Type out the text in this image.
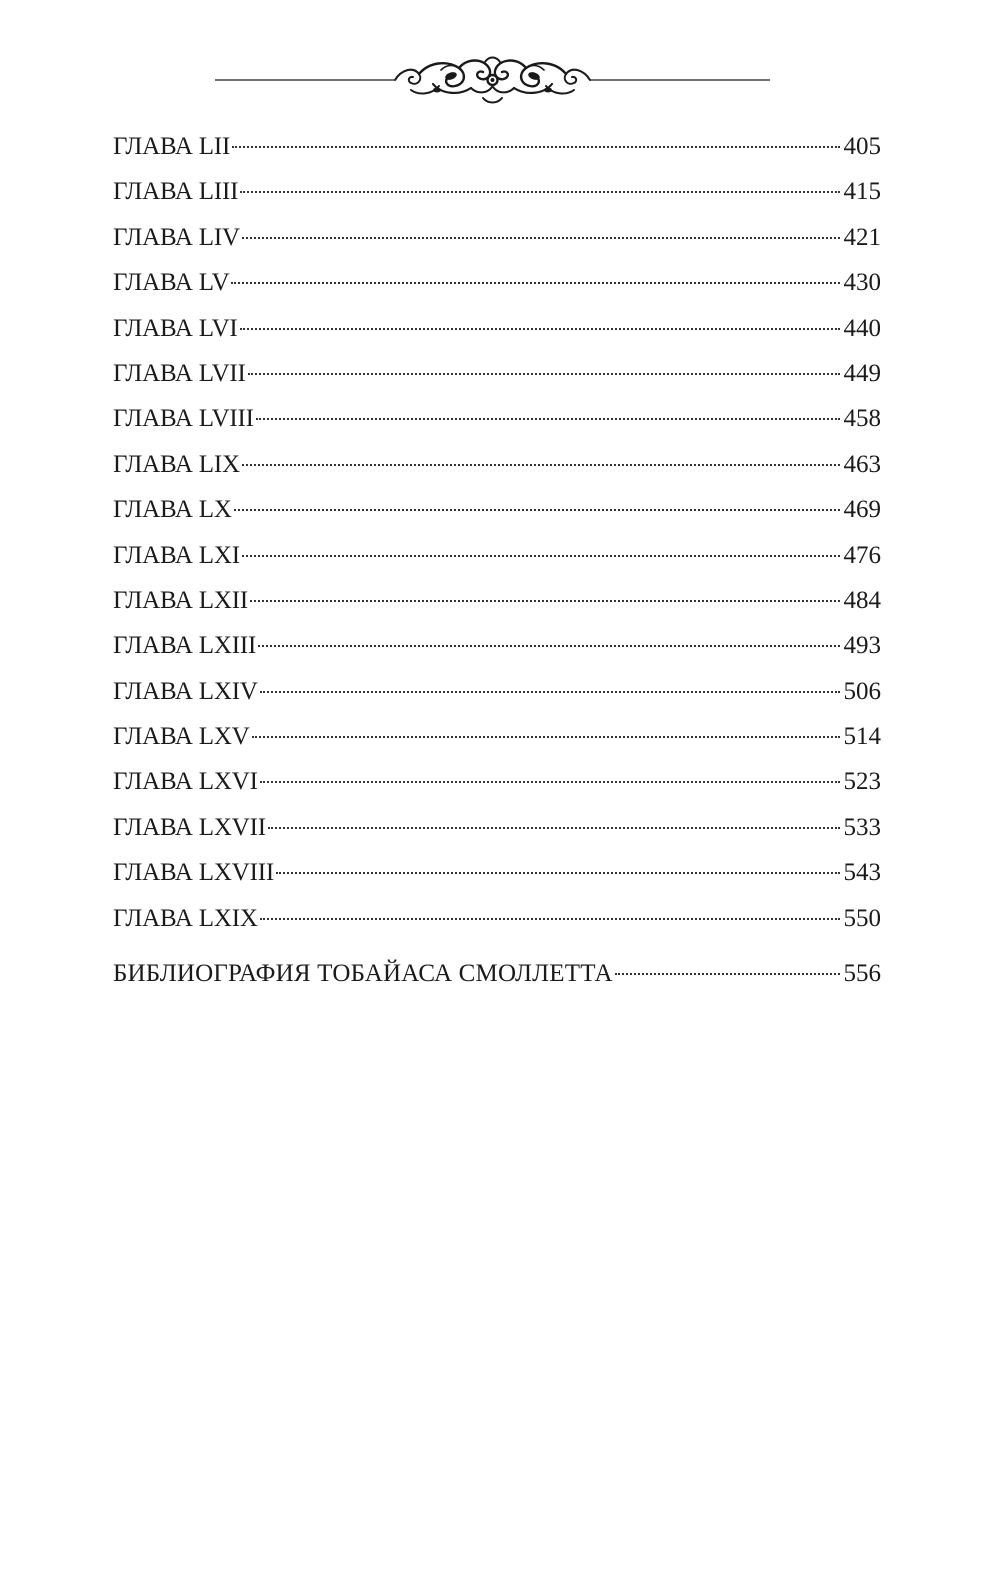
ГЛАВА LII	405
ГЛАВА LIII	415
ГЛАВА LIV	421
ГЛАВА LV	430
ГЛАВА LVI	440
ГЛАВА LVII	449
ГЛАВА LVIII	458
ГЛАВА LIX	463
ГЛАВА LX	469
ГЛАВА LXI	476
ГЛАВА LXII	484
ГЛАВА LXIII	493
ГЛАВА LXIV	506
ГЛАВА LXV	514
ГЛАВА LXVI	523
ГЛАВА LXVII	533
ГЛАВА LXVIII	543
ГЛАВА LXIX	550
БИБЛИОГРАФИЯ ТОБАЙАСА СМОЛЛЕТТА	556
